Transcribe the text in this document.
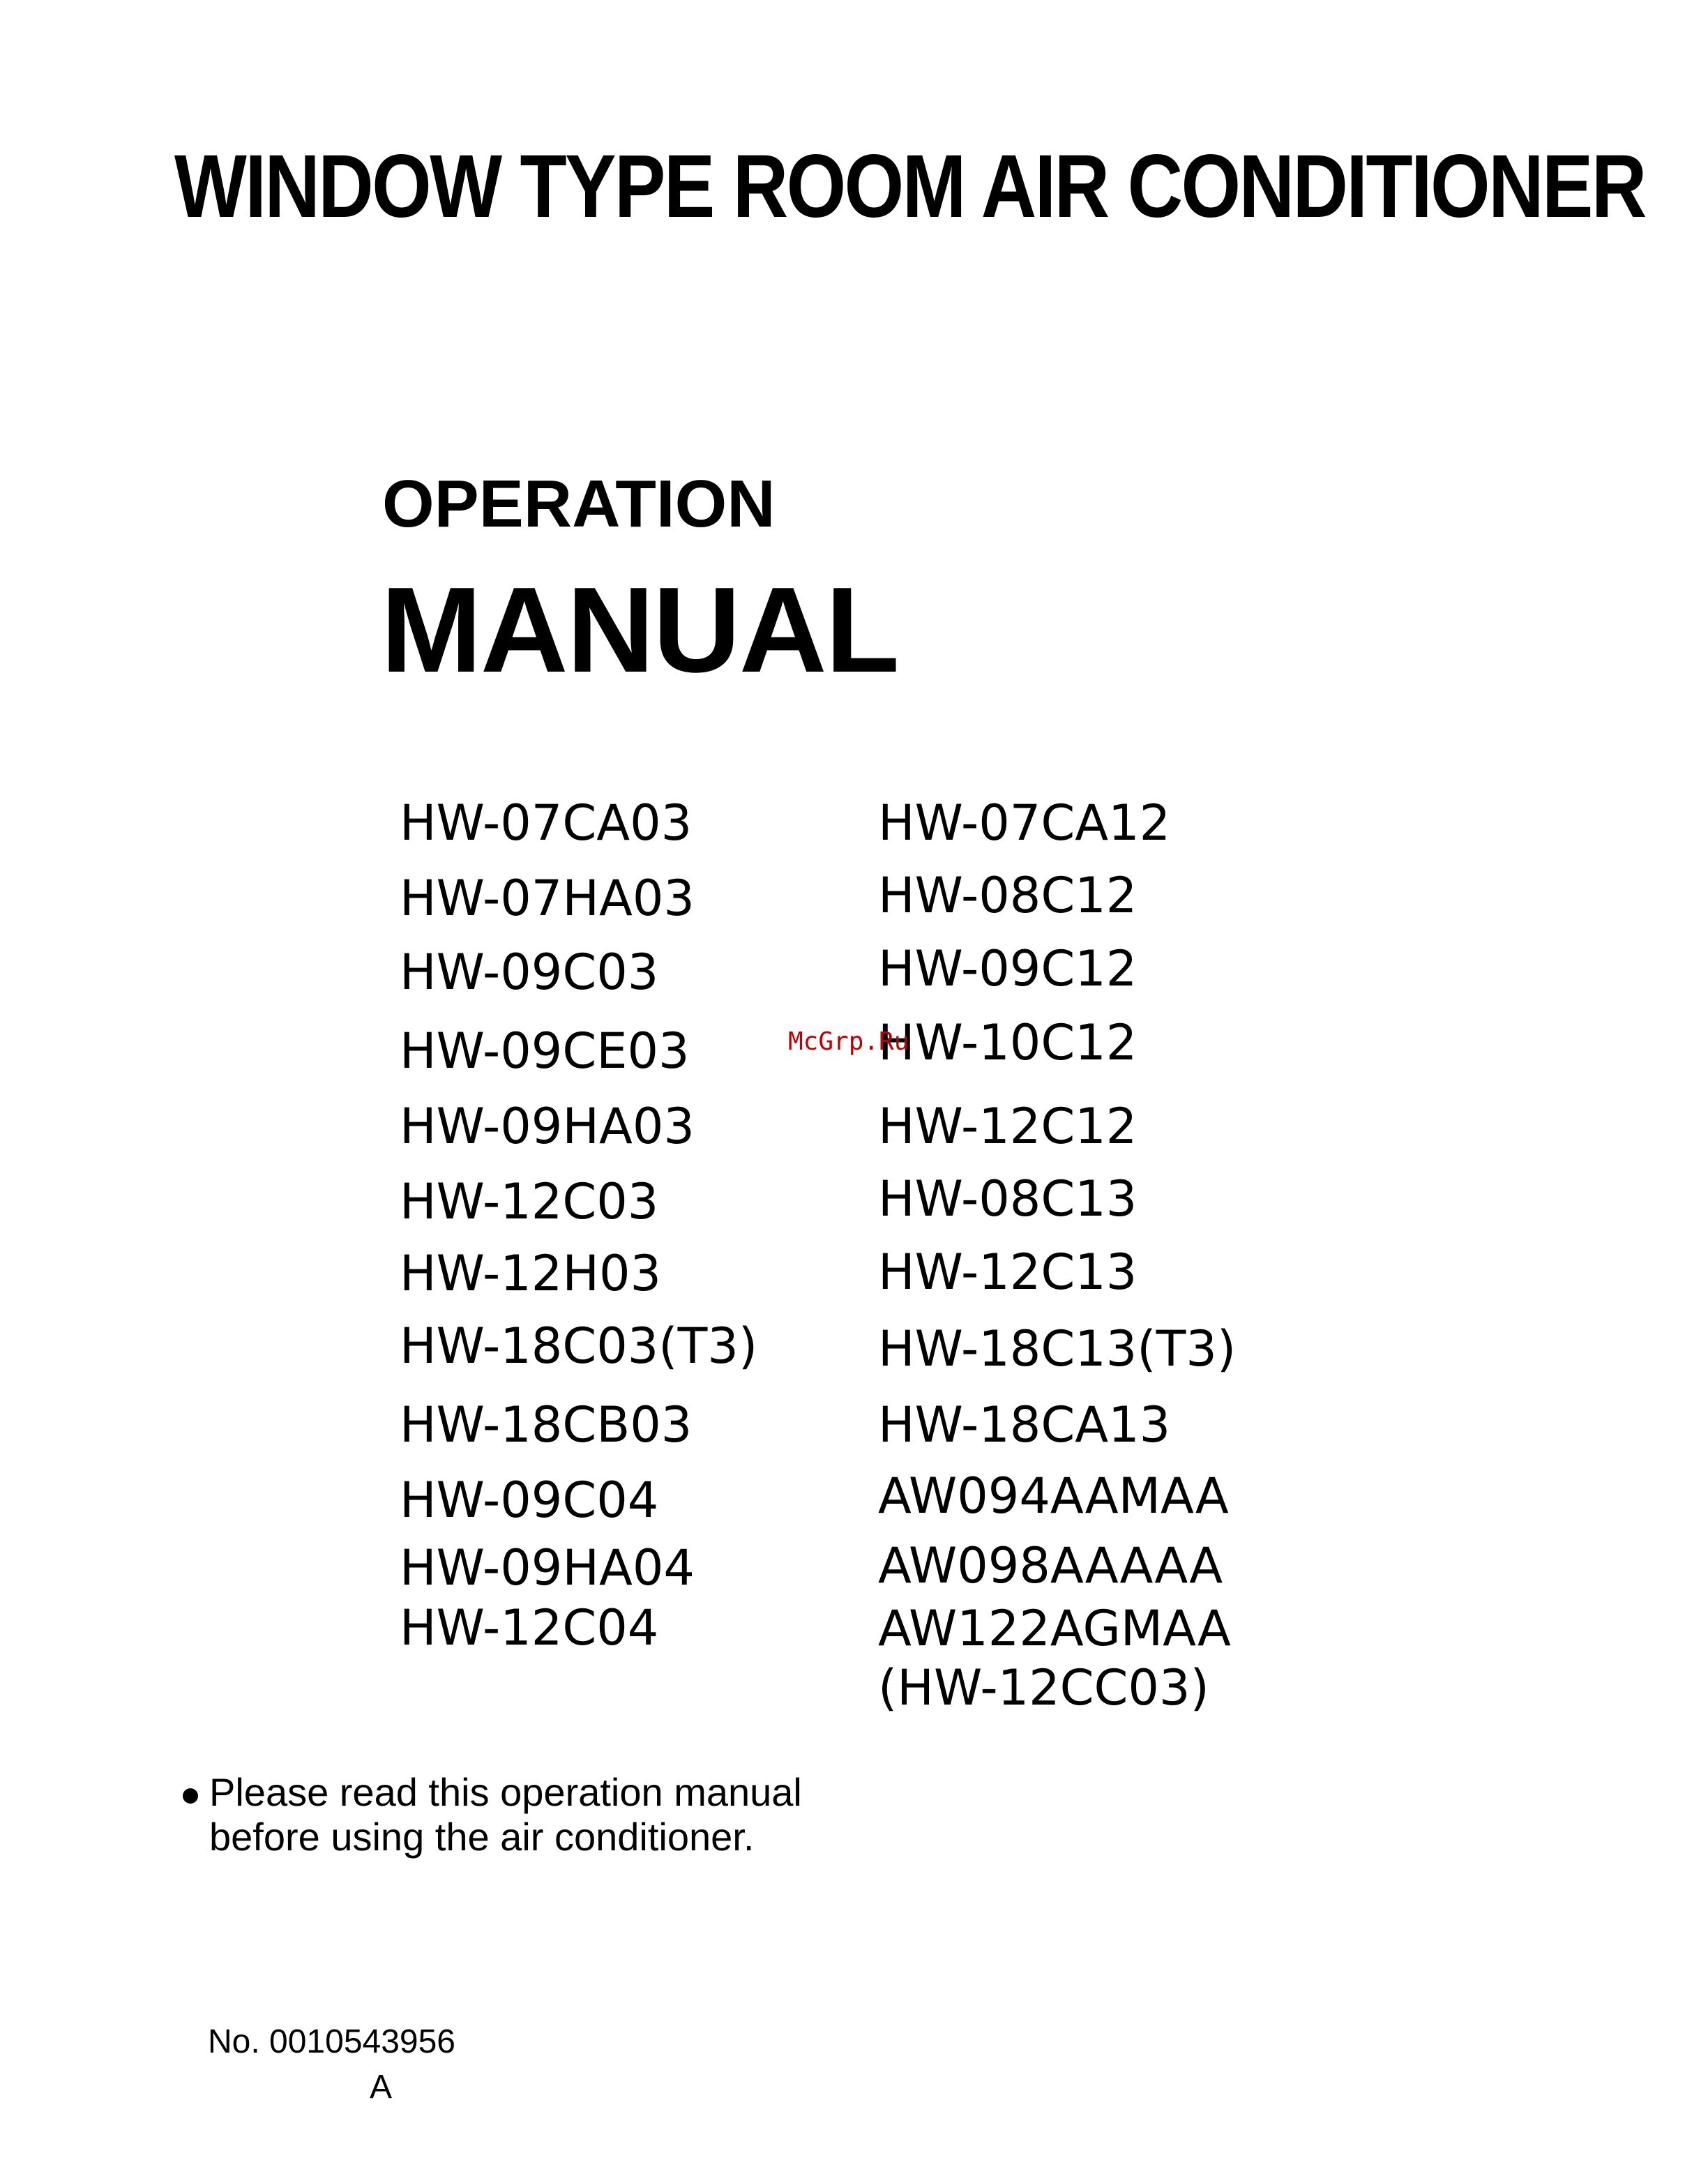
WINDOW TYPE ROOM AIR CONDITIONER
OPERATION
MANUAL
HW-07CA03
HW-07HA03
HW-09C03
HW-09CE03
HW-09HA03
HW-12C03
HW-12H03
HW-18C03(T3)
HW-18CB03
HW-09C04
HW-09HA04
HW-12C04
HW-07CA12
HW-08C12
HW-09C12
HW-10C12
HW-12C12
HW-08C13
HW-12C13
HW-18C13(T3)
HW-18CA13
AW094AAMAA
AW098AAAAA
AW122AGMAA
(HW-12CC03)
McGrp.Ru

Please read this operation manual
before using the air conditioner.

No. 0010543956
A
